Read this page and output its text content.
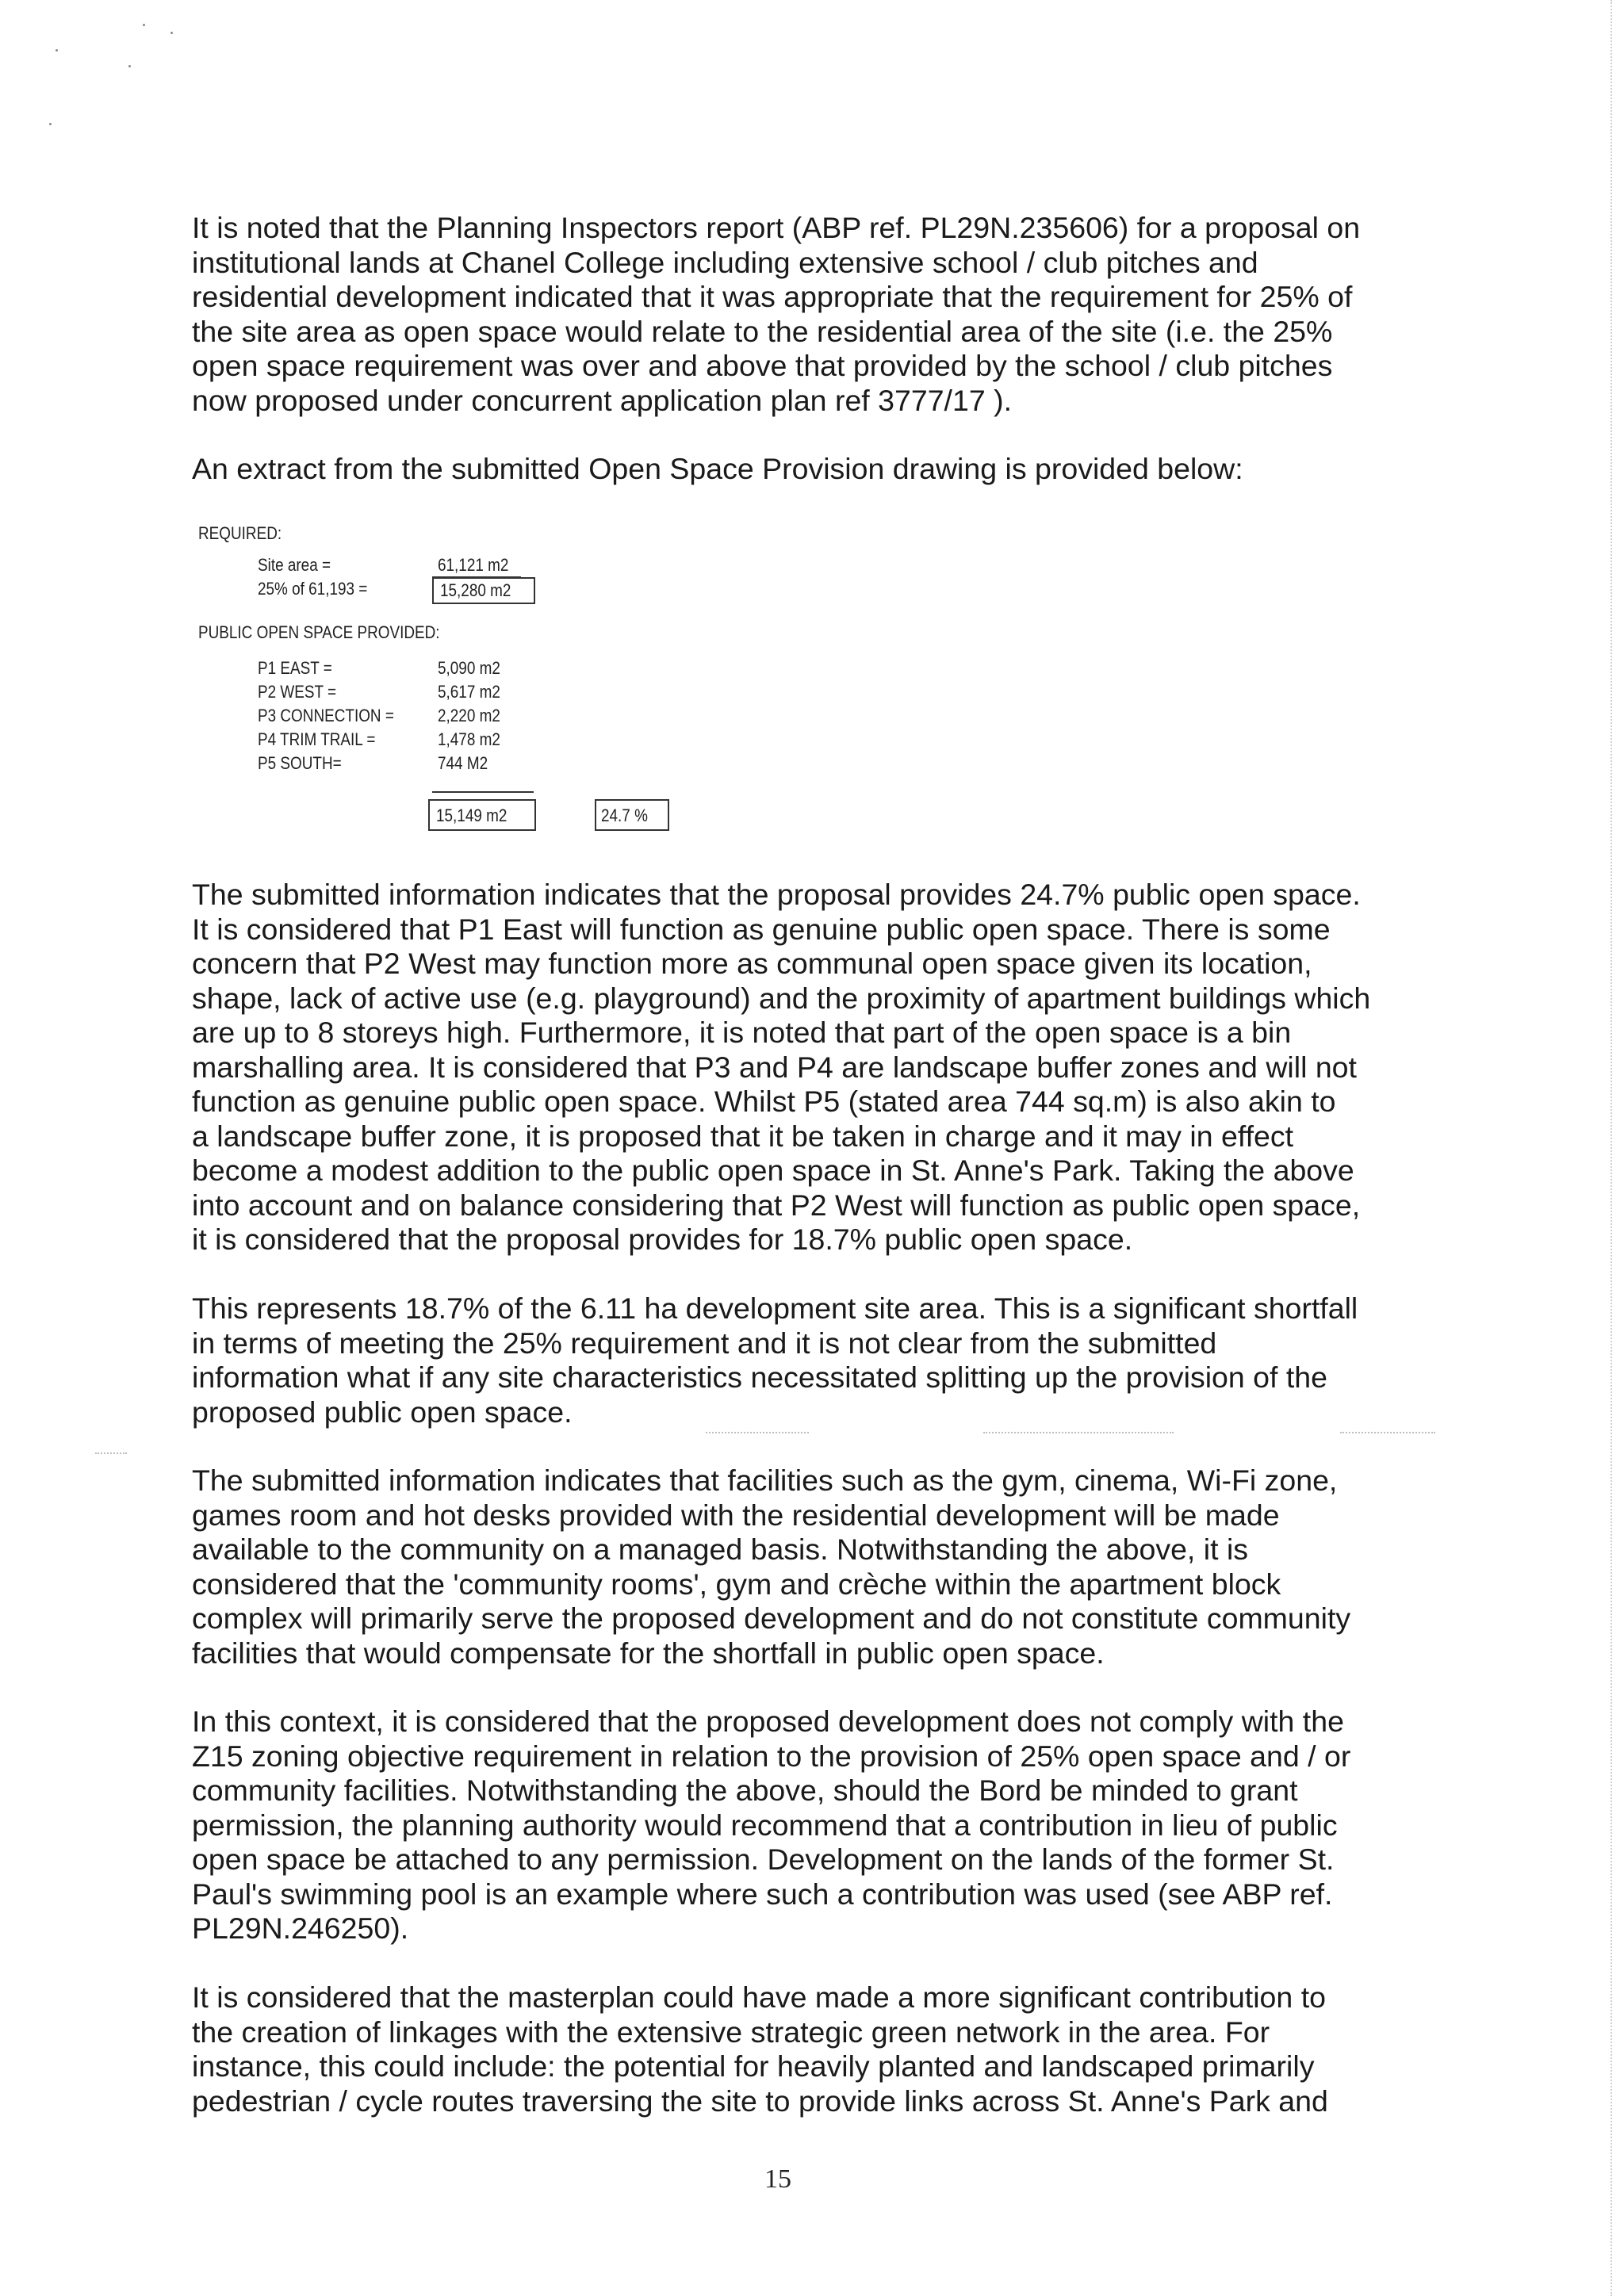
It is noted that the Planning Inspectors report (ABP ref. PL29N.235606) for a proposal on
institutional lands at Chanel College including extensive school / club pitches and
residential development indicated that it was appropriate that the requirement for 25% of
the site area as open space would relate to the residential area of the site (i.e. the 25%
open space requirement was over and above that provided by the school / club pitches
now proposed under concurrent application plan ref 3777/17 ).

An extract from the submitted Open Space Provision drawing is provided below:

REQUIRED:
Site area =	61,121 m2
25% of 61,193 =	15,280 m2
PUBLIC OPEN SPACE PROVIDED:
P1 EAST =	5,090 m2
P2 WEST =	5,617 m2
P3 CONNECTION =	2,220 m2
P4 TRIM TRAIL =	1,478 m2
P5 SOUTH=	744 M2
15,149 m2	24.7 %

The submitted information indicates that the proposal provides 24.7% public open space.
It is considered that P1 East will function as genuine public open space. There is some
concern that P2 West may function more as communal open space given its location,
shape, lack of active use (e.g. playground) and the proximity of apartment buildings which
are up to 8 storeys high. Furthermore, it is noted that part of the open space is a bin
marshalling area. It is considered that P3 and P4 are landscape buffer zones and will not
function as genuine public open space. Whilst P5 (stated area 744 sq.m) is also akin to
a landscape buffer zone, it is proposed that it be taken in charge and it may in effect
become a modest addition to the public open space in St. Anne's Park. Taking the above
into account and on balance considering that P2 West will function as public open space,
it is considered that the proposal provides for 18.7% public open space.

This represents 18.7% of the 6.11 ha development site area. This is a significant shortfall
in terms of meeting the 25% requirement and it is not clear from the submitted
information what if any site characteristics necessitated splitting up the provision of the
proposed public open space.

The submitted information indicates that facilities such as the gym, cinema, Wi-Fi zone,
games room and hot desks provided with the residential development will be made
available to the community on a managed basis. Notwithstanding the above, it is
considered that the 'community rooms', gym and crèche within the apartment block
complex will primarily serve the proposed development and do not constitute community
facilities that would compensate for the shortfall in public open space.

In this context, it is considered that the proposed development does not comply with the
Z15 zoning objective requirement in relation to the provision of 25% open space and / or
community facilities. Notwithstanding the above, should the Bord be minded to grant
permission, the planning authority would recommend that a contribution in lieu of public
open space be attached to any permission. Development on the lands of the former St.
Paul's swimming pool is an example where such a contribution was used (see ABP ref.
PL29N.246250).

It is considered that the masterplan could have made a more significant contribution to
the creation of linkages with the extensive strategic green network in the area. For
instance, this could include: the potential for heavily planted and landscaped primarily
pedestrian / cycle routes traversing the site to provide links across St. Anne's Park and

15
